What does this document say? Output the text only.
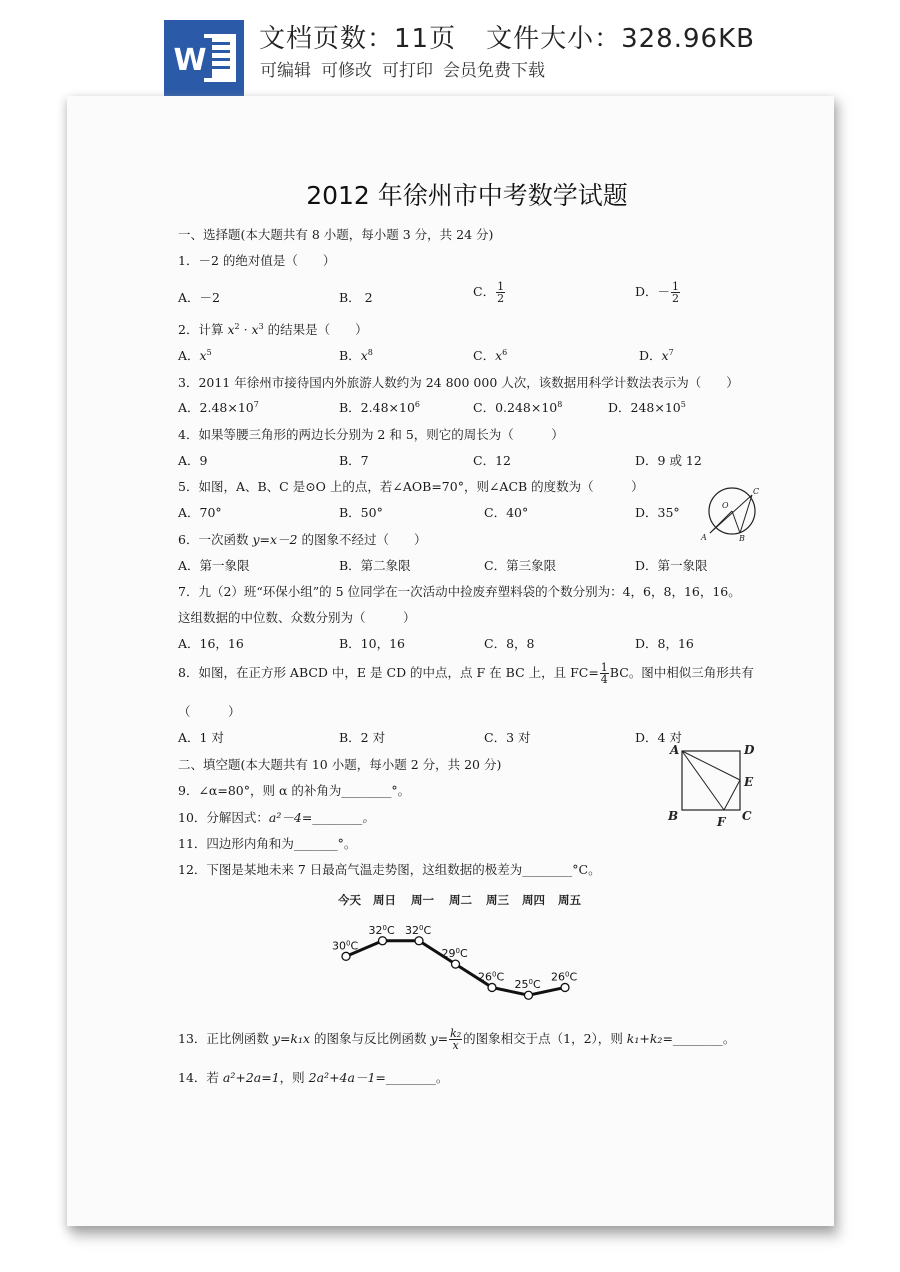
W
文档页数：11页 文件大小：328.96KB
可编辑 可修改 可打印 会员免费下载
2012 年徐州市中考数学试题
一、选择题(本大题共有 8 小题，每小题 3 分，共 24 分)
1．－2 的绝对值是（　　）
A．－2	B． 2	C． $\frac{1}{2}$	D．－ $\frac{1}{2}$
2．计算 $x^2 \cdot x^3$ 的结果是（　　）
A．$x^5$	B．$x^8$	C．$x^6$	D．$x^7$
3．2011 年徐州市接待国内外旅游人数约为 24 800 000 人次，该数据用科学计数法表示为（　　）
A．$2.48\times 10^7$	B．$2.48\times 10^6$	C．$0.248\times 10^8$	D．$248\times 10^5$
4．如果等腰三角形的两边长分别为 2 和 5，则它的周长为（　　　）
A．9	B．7	C．12	D．9 或 12
5．如图，A、B、C 是⊙O 上的点，若∠AOB=70°，则∠ACB 的度数为（　　　）
A．70°	B．50°	C．40°	D．35°	O
C
A	B
6．一次函数 y=x－2 的图象不经过（　　）
A．第一象限	B．第二象限	C．第三象限	D．第一象限
7．九（2）班“环保小组”的 5 位同学在一次活动中捡废弃塑料袋的个数分别为：4，6，8，16，16。
这组数据的中位数、众数分别为（　　　）
A．16，16	B．10，16	C．8，8	D．8，16
8．如图，在正方形 ABCD 中，E 是 CD 的中点，点 F 在 BC 上，且 $FC= \frac{1}{4}$ BC。图中相似三角形共有
（　　　）
A．1 对	B．2 对	C．3 对	D．4 对
A	D
E
B	F C
二、填空题(本大题共有 10 小题，每小题 2 分，共 20 分)
9．∠α=80°，则 α 的补角为________°。
10．分解因式：a²－4=________。
11．四边形内角和为_______°。
12．下图是某地未来 7 日最高气温走势图，这组数据的极差为________°C。
今天 周日 周一 周二 周三 周四 周五
$30^0C$
$32^0C$ $32^0C$
$29^0C$
$26^0C$
$25^0C$
$26^0C$
13．正比例函数 y=k₁x 的图象与反比例函数 $y= \frac{\text{k₂}}{x}$ 的图象相交于点（1，2），则 k₁+k₂=________。
14．若 a²+2a=1，则 2a²+4a－1=________。
